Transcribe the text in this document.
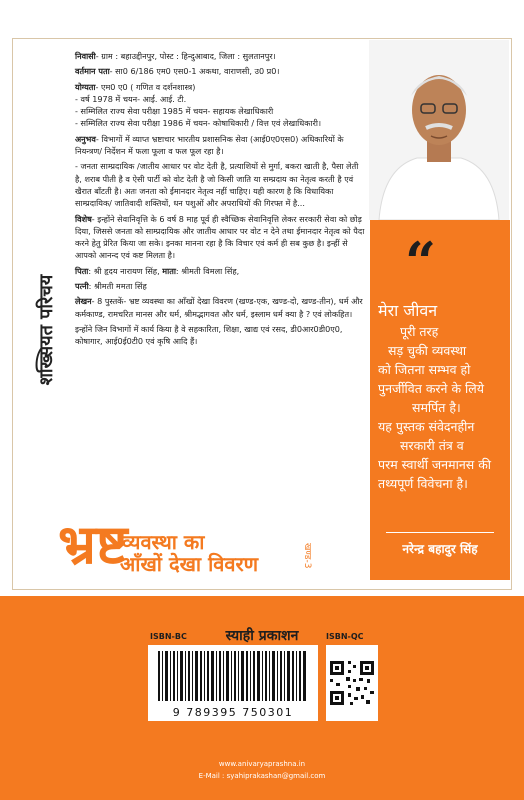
निवासी- ग्राम : बहाउद्दीनपुर, पोस्ट : हिन्दुआबाद, जिला : सुलतानपुर।

वर्तमान पता- सा0 6/186 एम0 एस0-1 अकथा, वाराणसी, उ0 प्र0।

योग्यता- एम0 ए0 ( गणित व दर्शनशास्त्र)

- वर्ष 1978 में चयन- आई. आई. टी.

- सम्मिलित राज्य सेवा परीक्षा 1985 में चयन- सहायक लेखाधिकारी

- सम्मिलित राज्य सेवा परीक्षा 1986 में चयन- कोषाधिकारी / वित्त एवं लेखाधिकारी।

अनुभव- विभागों में व्याप्त भ्रष्टाचार भारतीय प्रशासनिक सेवा (आई0ए0एस0) अधिकारियों के नियन्त्रण/ निर्देशन में फला फूला व फल फूल रहा है।

- जनता साम्प्रदायिक /जातीय आधार पर वोट देती है, प्रत्याशियों से मुर्गा, बकरा खाती है, पैसा लेती है, शराब पीती है व ऐसी पार्टी को वोट देती है जो किसी जाति या सम्प्रदाय का नेतृत्व करती है एवं खैरात बाँटती है। अतः जनता को ईमानदार नेतृत्व नहीं चाहिए। यही कारण है कि विधायिका साम्प्रदायिक/ जातिवादी शक्तियों, धन पशुओं और अपराधियों की गिरफ्त में है...

विशेष- इन्होंने सेवानिवृत्ति के 6 वर्ष 8 माह पूर्व ही स्वैच्छिक सेवानिवृत्ति लेकर सरकारी सेवा को छोड़ दिया, जिससे जनता को साम्प्रदायिक और जातीय आधार पर वोट न देने तथा ईमानदार नेतृत्व को पैदा करने हेतु प्रेरित किया जा सके। इनका मानना रहा है कि विचार एवं कर्म ही सब कुछ है। इन्हीं से आपको आनन्द एवं कष्ट मिलता है।

पिता: श्री हृदय नारायण सिंह, माता: श्रीमती विमला सिंह,

पत्नी: श्रीमती ममता सिंह

लेखन- 8 पुस्तकें- भ्रष्ट व्यवस्था का आँखों देखा विवरण (खण्ड-एक, खण्ड-दो, खण्ड-तीन), धर्म और कर्मकाण्ड, रामचरित मानस और धर्म, श्रीमद्भागवत और धर्म, इस्लाम धर्म क्या है ? एवं लोकहित।

इन्होंने जिन विभागों में कार्य किया है वे सहकारिता, शिक्षा, खाद्य एवं रसद, डी0आर0डी0ए0, कोषागार, आई0ई0टी0 एवं कृषि आदि हैं।

शख्सियत परिचय
“
मेरा जीवन
पूरी तरह
सड़ चुकी व्यवस्था
को जितना सम्भव हो
पुनर्जीवित करने के लिये
समर्पित है।
यह पुस्तक संवेदनहीन
सरकारी तंत्र व
परम स्वार्थी जनमानस की
तथ्यपूर्ण विवेचना है।
नरेन्द्र बहादुर सिंह
भ्रष्ट
व्यवस्था का
आँखों देखा विवरण	खण्ड-3
स्याही प्रकाशन
ISBN-BC	ISBN-QC
9 789395 750301
www.anivaryaprashna.in
E-Mail : syahiprakashan@gmail.com
